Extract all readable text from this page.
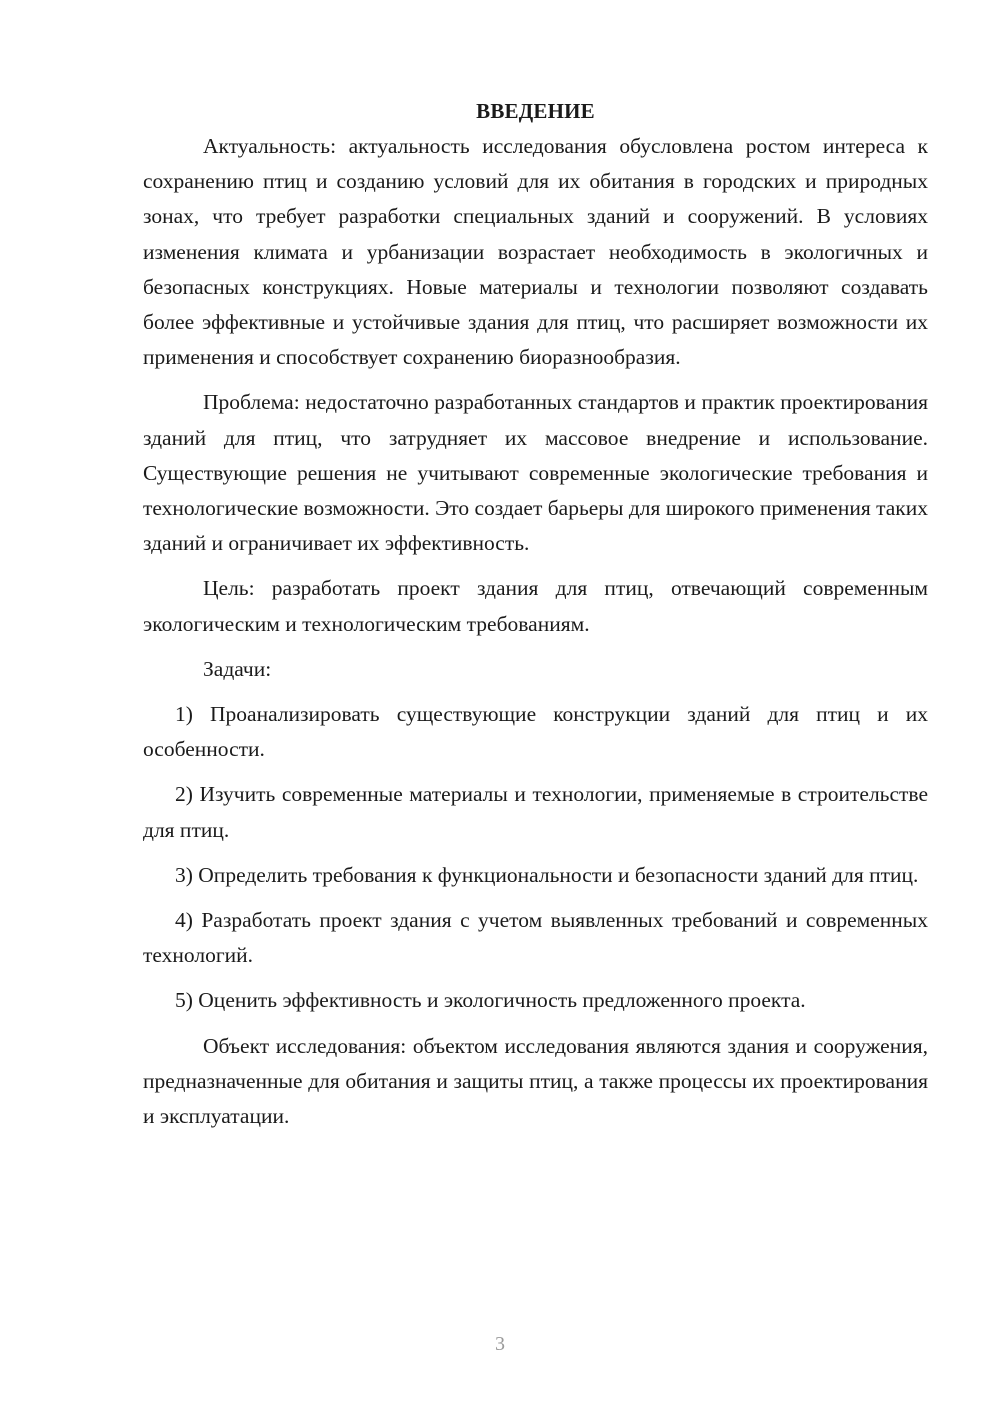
ВВЕДЕНИЕ

Актуальность: актуальность исследования обусловлена ростом интереса к сохранению птиц и созданию условий для их обитания в городских и природных зонах, что требует разработки специальных зданий и сооружений. В условиях изменения климата и урбанизации возрастает необходимость в экологичных и безопасных конструкциях. Новые материалы и технологии позволяют создавать более эффективные и устойчивые здания для птиц, что расширяет возможности их применения и способствует сохранению биоразнообразия.

Проблема: недостаточно разработанных стандартов и практик проектирования зданий для птиц, что затрудняет их массовое внедрение и использование. Существующие решения не учитывают современные экологические требования и технологические возможности. Это создает барьеры для широкого применения таких зданий и ограничивает их эффективность.

Цель: разработать проект здания для птиц, отвечающий современным экологическим и технологическим требованиям.

Задачи:

1) Проанализировать существующие конструкции зданий для птиц и их особенности.

2) Изучить современные материалы и технологии, применяемые в строительстве для птиц.

3) Определить требования к функциональности и безопасности зданий для птиц.

4) Разработать проект здания с учетом выявленных требований и современных технологий.

5) Оценить эффективность и экологичность предложенного проекта.

Объект исследования: объектом исследования являются здания и сооружения, предназначенные для обитания и защиты птиц, а также процессы их проектирования и эксплуатации.

3
